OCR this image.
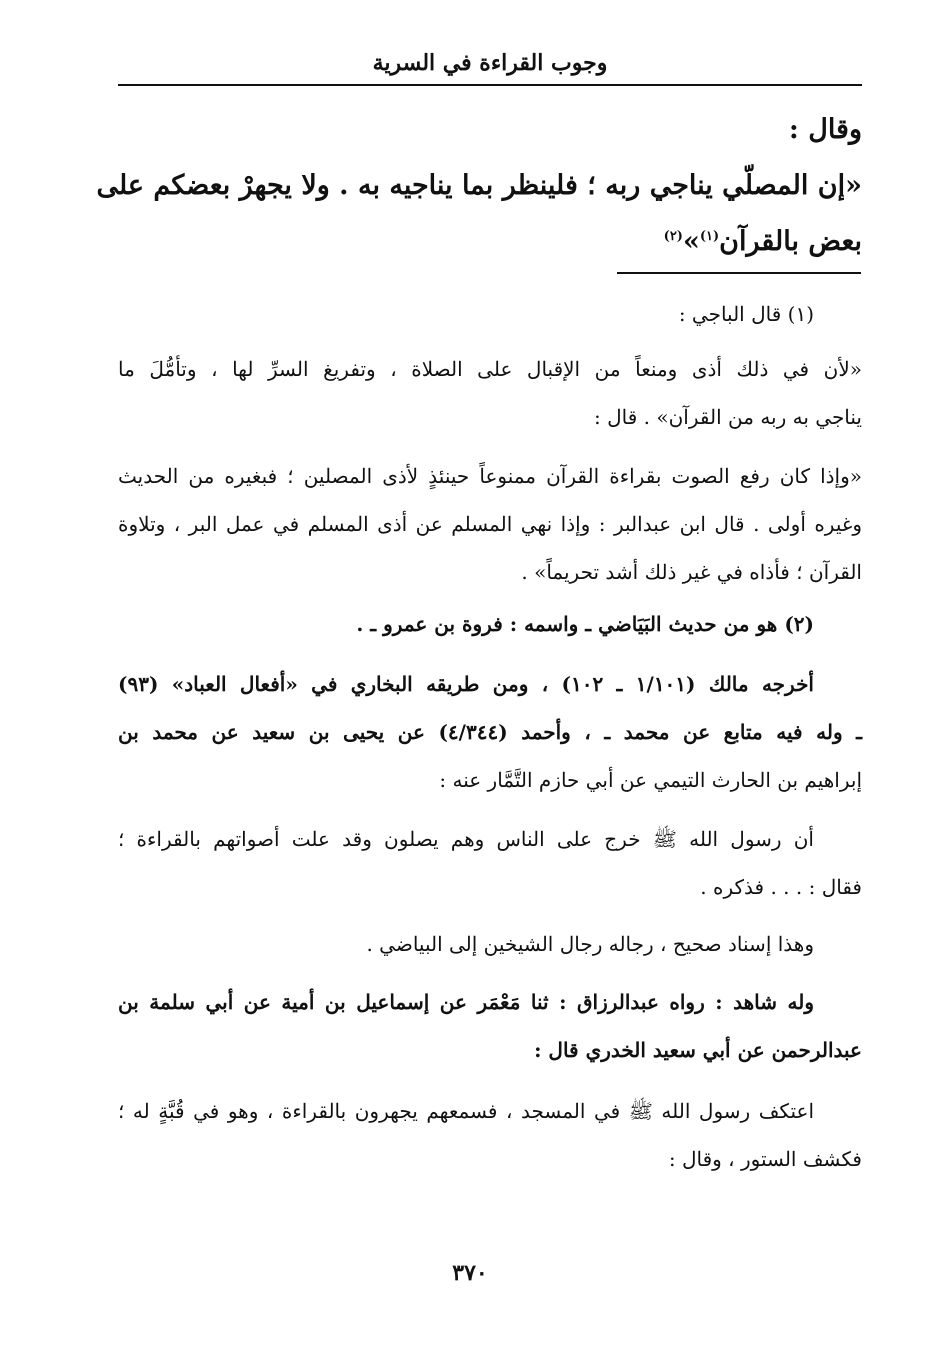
وجوب القراءة في السرية
وقال :
«إن المصلّي يناجي ربه ؛ فلينظر بما يناجيه به . ولا يجهرْ بعضكم على
بعض بالقرآن$^{(١)}$»$^{(٢)}$
(١) قال الباجي :
«لأن في ذلك أذى ومنعاً من الإقبال على الصلاة ، وتفريغ السرِّ لها ، وتأمُّلَ ما
يناجي به ربه من القرآن» . قال :
«وإذا كان رفع الصوت بقراءة القرآن ممنوعاً حينئذٍ لأذى المصلين ؛ فبغيره من الحديث
وغيره أولى . قال ابن عبدالبر : وإذا نهي المسلم عن أذى المسلم في عمل البر ، وتلاوة
القرآن ؛ فأذاه في غير ذلك أشد تحريماً» .
(٢) هو من حديث البَيَاضي ـ واسمه : فروة بن عمرو ـ .
أخرجه مالك (١/١٠١ ـ ١٠٢) ، ومن طريقه البخاري في «أفعال العباد» (٩٣)
ـ وله فيه متابع عن محمد ـ ، وأحمد (٤/٣٤٤) عن يحيى بن سعيد عن محمد بن
إبراهيم بن الحارث التيمي عن أبي حازم التَّمَّار عنه :
أن رسول الله ﷺ خرج على الناس وهم يصلون وقد علت أصواتهم بالقراءة ؛
فقال : . . . فذكره .
وهذا إسناد صحيح ، رجاله رجال الشيخين إلى البياضي .
وله شاهد : رواه عبدالرزاق : ثنا مَعْمَر عن إسماعيل بن أمية عن أبي سلمة بن
عبدالرحمن عن أبي سعيد الخدري قال :
اعتكف رسول الله ﷺ في المسجد ، فسمعهم يجهرون بالقراءة ، وهو في قُبَّةٍ له ؛
فكشف الستور ، وقال :
٣٧٠
